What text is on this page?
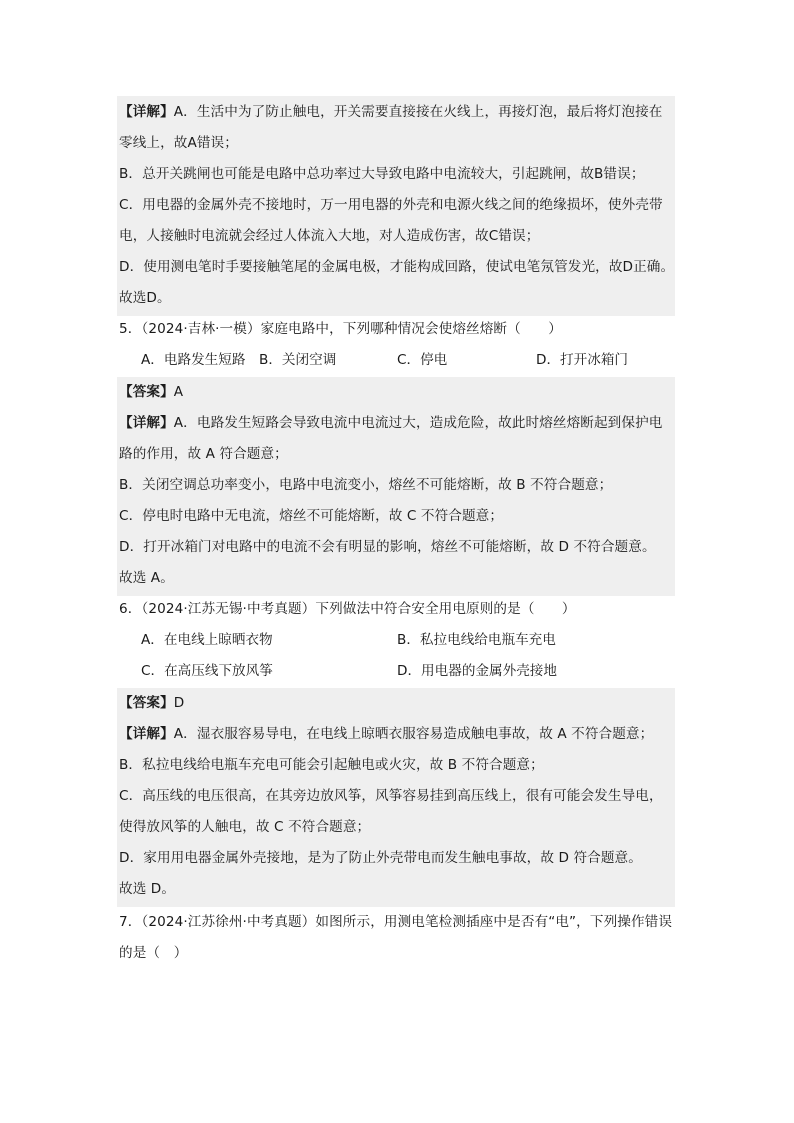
【详解】A．生活中为了防止触电，开关需要直接接在火线上，再接灯泡，最后将灯泡接在
零线上，故A错误；
B．总开关跳闸也可能是电路中总功率过大导致电路中电流较大，引起跳闸，故B错误；
C．用电器的金属外壳不接地时，万一用电器的外壳和电源火线之间的绝缘损坏，使外壳带
电，人接触时电流就会经过人体流入大地，对人造成伤害，故C错误；
D．使用测电笔时手要接触笔尾的金属电极，才能构成回路，使试电笔氖管发光，故D正确。
故选D。
5．（2024·吉林·一模）家庭电路中，下列哪种情况会使熔丝熔断（　　）
A．电路发生短路 B．关闭空调	C．停电	D．打开冰箱门
【答案】A
【详解】A．电路发生短路会导致电流中电流过大，造成危险，故此时熔丝熔断起到保护电
路的作用，故 A 符合题意；
B．关闭空调总功率变小，电路中电流变小，熔丝不可能熔断，故 B 不符合题意；
C．停电时电路中无电流，熔丝不可能熔断，故 C 不符合题意；
D．打开冰箱门对电路中的电流不会有明显的影响，熔丝不可能熔断，故 D 不符合题意。
故选 A。
6．（2024·江苏无锡·中考真题）下列做法中符合安全用电原则的是（　　）
A．在电线上晾晒衣物	B．私拉电线给电瓶车充电
C．在高压线下放风筝	D．用电器的金属外壳接地
【答案】D
【详解】A．湿衣服容易导电，在电线上晾晒衣服容易造成触电事故，故 A 不符合题意；
B．私拉电线给电瓶车充电可能会引起触电或火灾，故 B 不符合题意；
C．高压线的电压很高，在其旁边放风筝，风筝容易挂到高压线上，很有可能会发生导电，
使得放风筝的人触电，故 C 不符合题意；
D．家用用电器金属外壳接地，是为了防止外壳带电而发生触电事故，故 D 符合题意。
故选 D。
7．（2024·江苏徐州·中考真题）如图所示，用测电笔检测插座中是否有“电”，下列操作错误
的是（　）
